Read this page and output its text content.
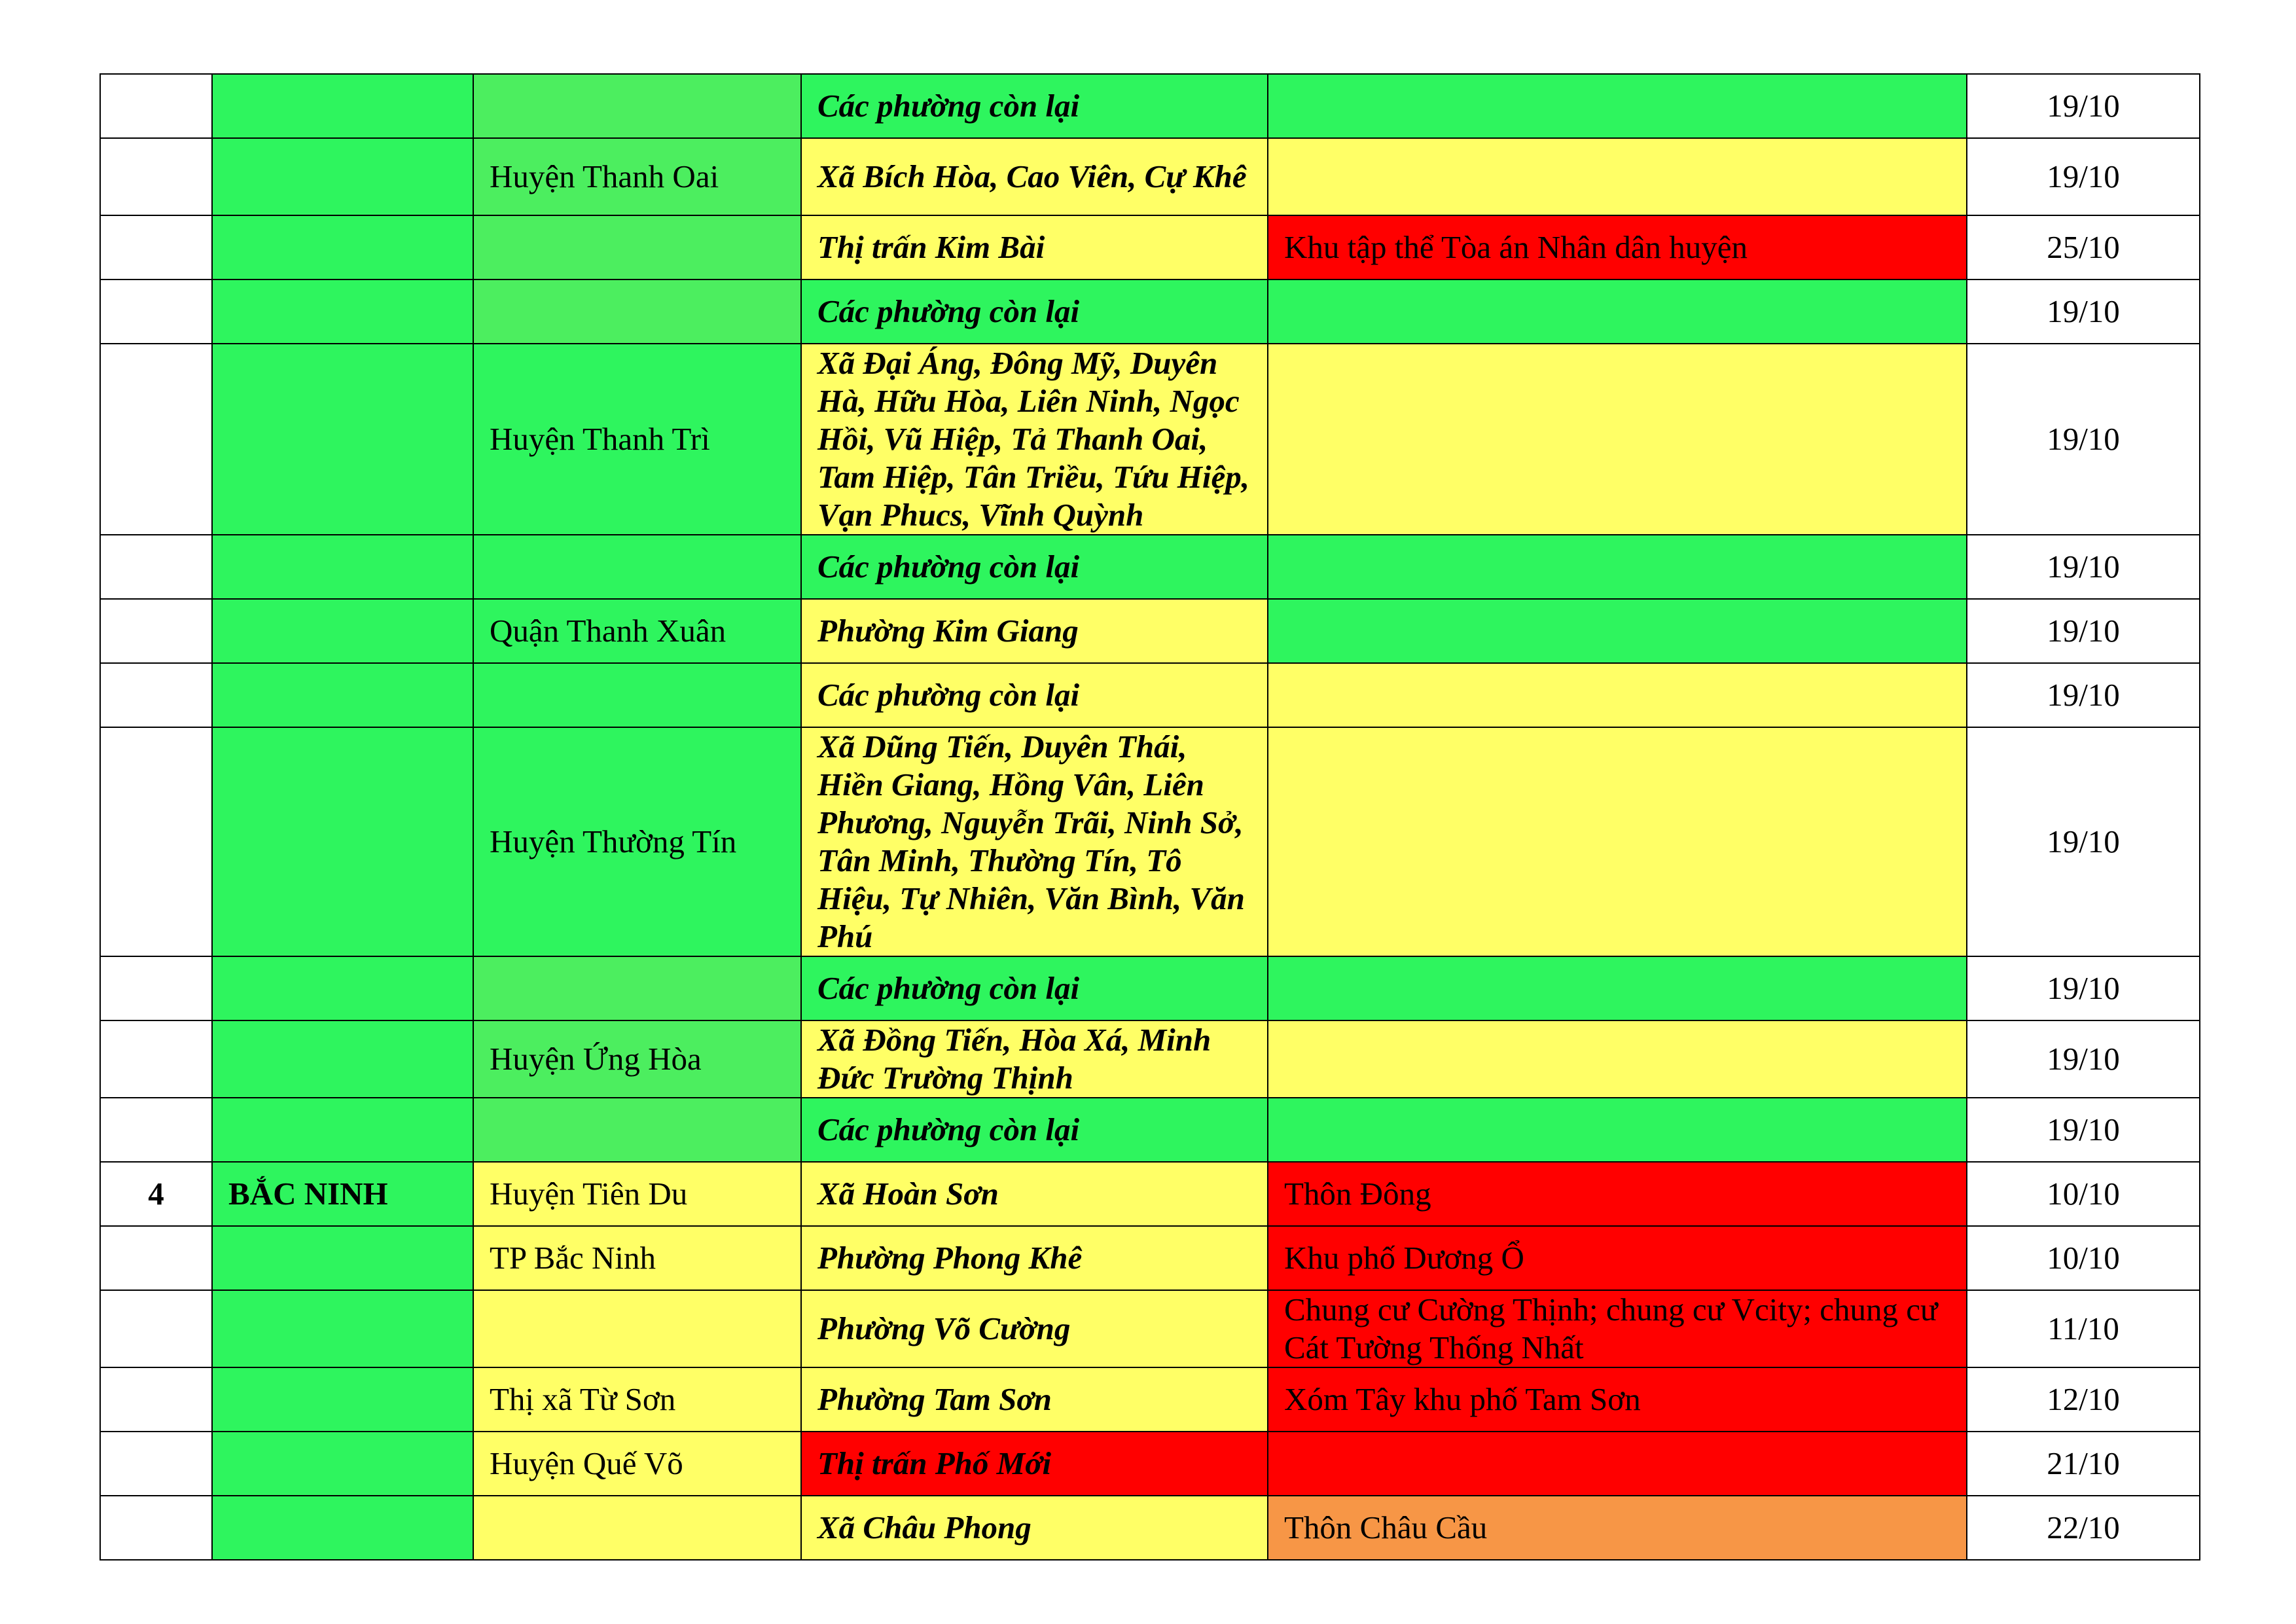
			Các phường còn lại		19/10
		Huyện Thanh Oai	Xã Bích Hòa, Cao Viên, Cự Khê		19/10
			Thị trấn Kim Bài	Khu tập thể Tòa án Nhân dân huyện	25/10
			Các phường còn lại		19/10
		Huyện Thanh Trì	Xã Đại Áng, Đông Mỹ, Duyên Hà, Hữu Hòa, Liên Ninh, Ngọc Hồi, Vũ Hiệp, Tả Thanh Oai, Tam Hiệp, Tân Triều, Tứu Hiệp, Vạn Phucs, Vĩnh Quỳnh		19/10
			Các phường còn lại		19/10
		Quận Thanh Xuân	Phường Kim Giang		19/10
			Các phường còn lại		19/10
		Huyện Thường Tín	Xã Dũng Tiến, Duyên Thái, Hiền Giang, Hồng Vân, Liên Phương, Nguyễn Trãi, Ninh Sở, Tân Minh, Thường Tín, Tô Hiệu, Tự Nhiên, Văn Bình, Văn Phú		19/10
			Các phường còn lại		19/10
		Huyện Ứng Hòa	Xã Đồng Tiến, Hòa Xá, Minh Đức Trường Thịnh		19/10
			Các phường còn lại		19/10
4	BẮC NINH	Huyện Tiên Du	Xã Hoàn Sơn	Thôn Đông	10/10
		TP Bắc Ninh	Phường Phong Khê	Khu phố Dương Ổ	10/10
			Phường Võ Cường	Chung cư Cường Thịnh; chung cư Vcity; chung cư Cát Tường Thống Nhất	11/10
		Thị xã Từ Sơn	Phường Tam Sơn	Xóm Tây khu phố Tam Sơn	12/10
		Huyện Quế Võ	Thị trấn Phố Mới		21/10
			Xã Châu Phong	Thôn Châu Cầu	22/10
